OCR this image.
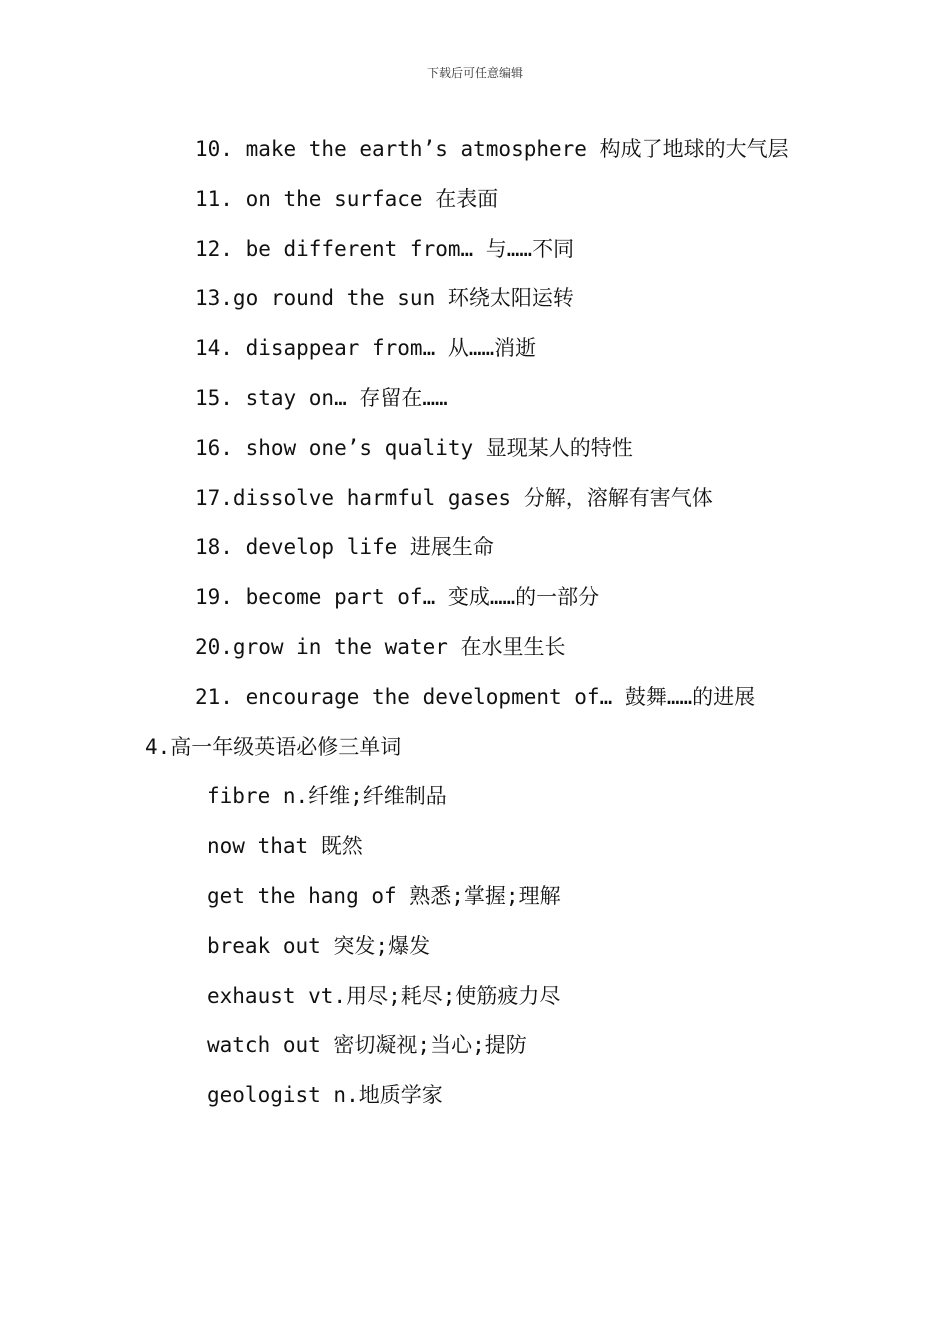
下载后可任意编辑
10. make the earth’s atmosphere 构成了地球的大气层
11. on the surface 在表面
12. be different from… 与……不同
13.go round the sun 环绕太阳运转
14. disappear from… 从……消逝
15. stay on… 存留在……
16. show one’s quality 显现某人的特性
17.dissolve harmful gases 分解，溶解有害气体
18. develop life 进展生命
19. become part of… 变成……的一部分
20.grow in the water 在水里生长
21. encourage the development of… 鼓舞……的进展
4.高一年级英语必修三单词
fibre n.纤维;纤维制品
now that 既然
get the hang of 熟悉;掌握;理解
break out 突发;爆发
exhaust vt.用尽;耗尽;使筋疲力尽
watch out 密切凝视;当心;提防
geologist n.地质学家
